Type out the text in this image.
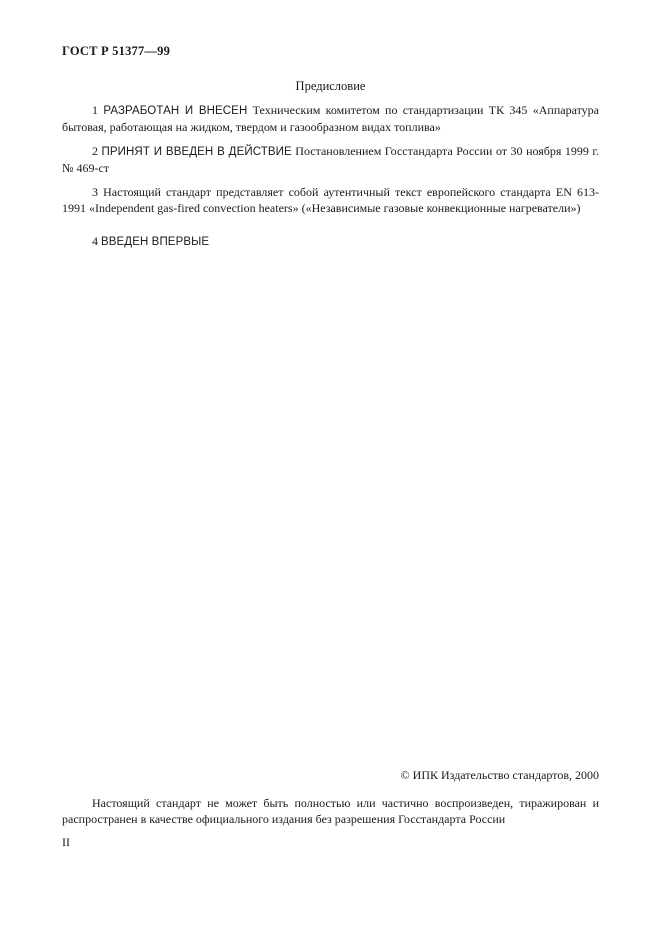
ГОСТ Р 51377—99
Предисловие
1 РАЗРАБОТАН И ВНЕСЕН Техническим комитетом по стандартизации ТК 345 «Аппаратура бытовая, работающая на жидком, твердом и газообразном видах топлива»
2 ПРИНЯТ И ВВЕДЕН В ДЕЙСТВИЕ Постановлением Госстандарта России от 30 ноября 1999 г. № 469-ст
3 Настоящий стандарт представляет собой аутентичный текст европейского стандарта EN 613-1991 «Independent gas-fired convection heaters» («Независимые газовые конвекционные нагреватели»)
4 ВВЕДЕН ВПЕРВЫЕ
© ИПК Издательство стандартов, 2000
Настоящий стандарт не может быть полностью или частично воспроизведен, тиражирован и распространен в качестве официального издания без разрешения Госстандарта России
II
